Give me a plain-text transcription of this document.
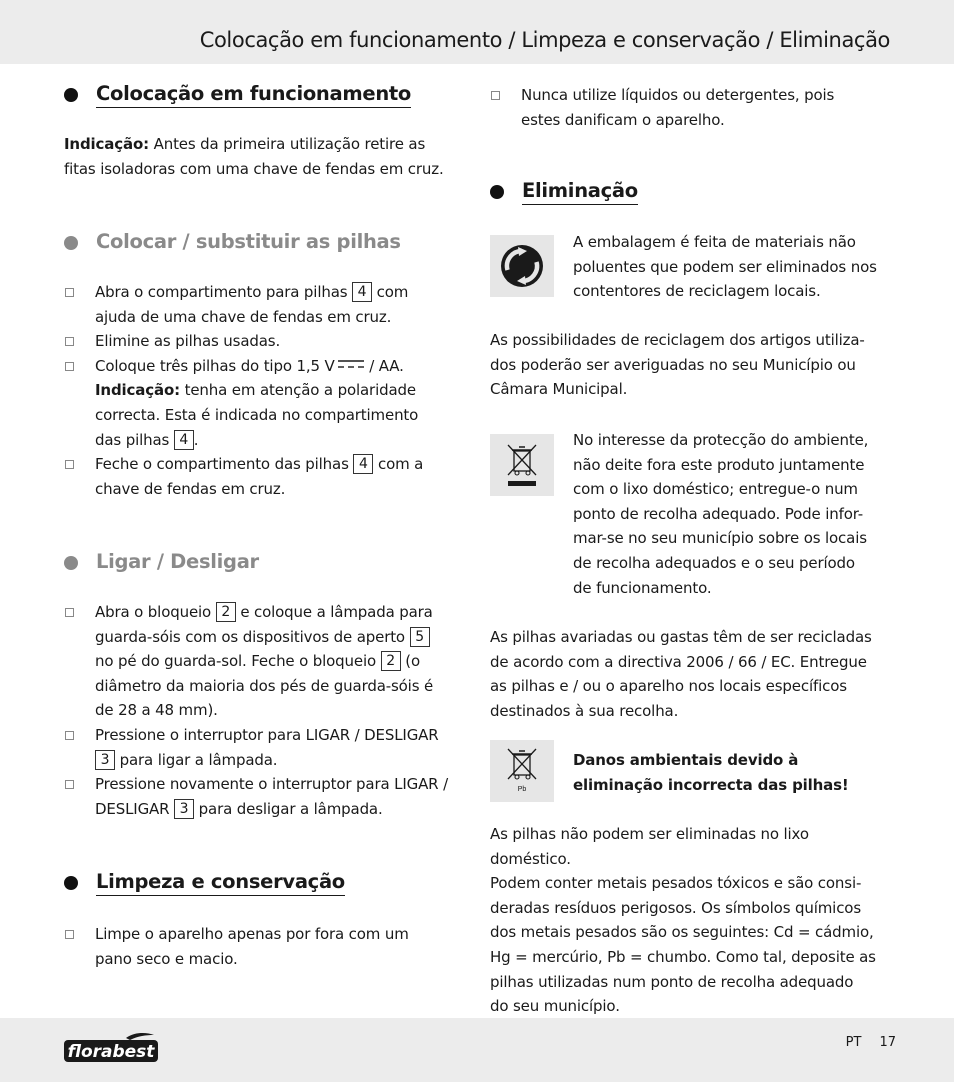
Colocação em funcionamento / Limpeza e conservação / Eliminação
Colocação em funcionamento
Indicação: Antes da primeira utilização retire as
fitas isoladoras com uma chave de fendas em cruz.
Colocar / substituir as pilhas
Abra o compartimento para pilhas 4 com
ajuda de uma chave de fendas em cruz.
Elimine as pilhas usadas.
Coloque três pilhas do tipo 1,5 V / AA.
Indicação: tenha em atenção a polaridade
correcta. Esta é indicada no compartimento
das pilhas 4 .
Feche o compartimento das pilhas 4 com a
chave de fendas em cruz.
Ligar / Desligar
Abra o bloqueio 2 e coloque a lâmpada para
guarda-sóis com os dispositivos de aperto 5
no pé do guarda-sol. Feche o bloqueio 2 (o
diâmetro da maioria dos pés de guarda-sóis é
de 28 a 48 mm).
Pressione o interruptor para LIGAR / DESLIGAR
3 para ligar a lâmpada.
Pressione novamente o interruptor para LIGAR /
DESLIGAR 3 para desligar a lâmpada.
Limpeza e conservação
Limpe o aparelho apenas por fora com um
pano seco e macio.
Nunca utilize líquidos ou detergentes, pois
estes danificam o aparelho.
Eliminação
A embalagem é feita de materiais não
poluentes que podem ser eliminados nos
contentores de reciclagem locais.
As possibilidades de reciclagem dos artigos utiliza-
dos poderão ser averiguadas no seu Município ou
Câmara Municipal.
No interesse da protecção do ambiente,
não deite fora este produto juntamente
com o lixo doméstico; entregue-o num
ponto de recolha adequado. Pode infor-
mar-se no seu município sobre os locais
de recolha adequados e o seu período
de funcionamento.
As pilhas avariadas ou gastas têm de ser recicladas
de acordo com a directiva 2006 / 66 / EC. Entregue
as pilhas e / ou o aparelho nos locais específicos
destinados à sua recolha.
Pb
Danos ambientais devido à
eliminação incorrecta das pilhas!
As pilhas não podem ser eliminadas no lixo doméstico.
Podem conter metais pesados tóxicos e são consi-
deradas resíduos perigosos. Os símbolos químicos
dos metais pesados são os seguintes: Cd = cádmio,
Hg = mercúrio, Pb = chumbo. Como tal, deposite as
pilhas utilizadas num ponto de recolha adequado
do seu município.
florabest	PT 17
